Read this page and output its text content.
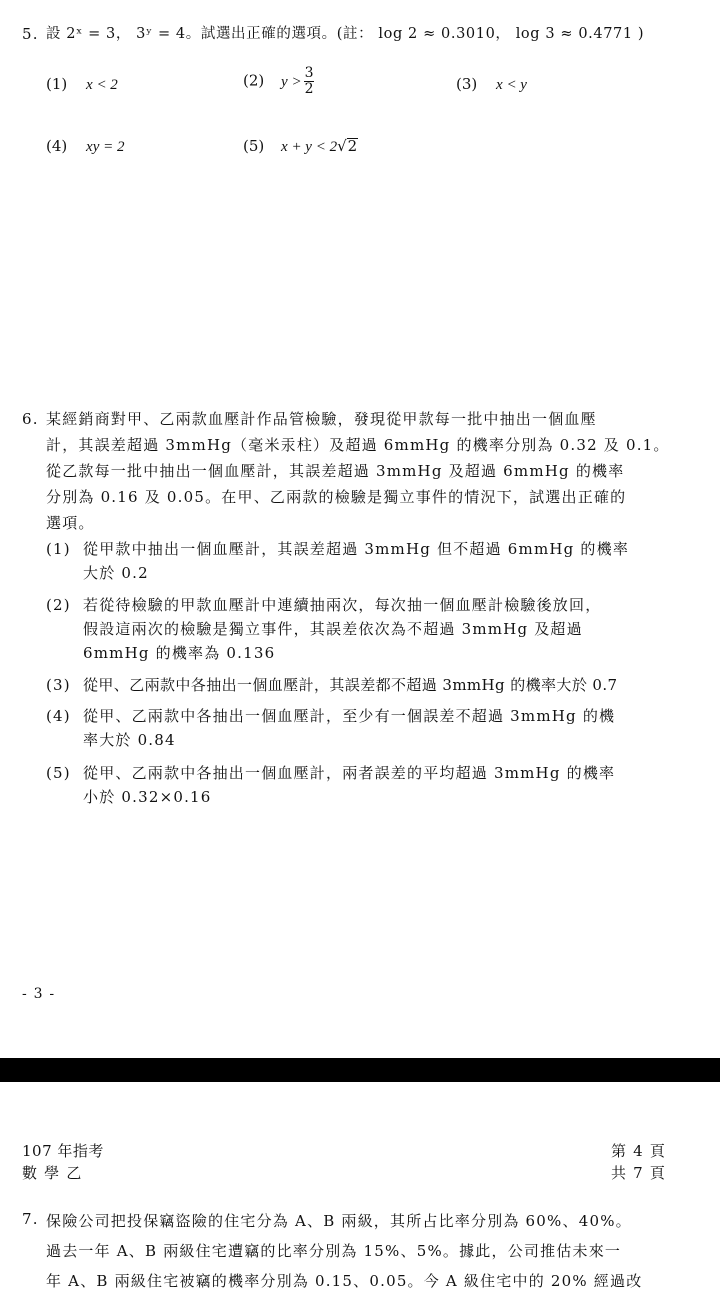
5. 設 2ˣ = 3， 3ʸ = 4。試選出正確的選項。(註： log 2 ≈ 0.3010， log 3 ≈ 0.4771 )
(1) x < 2	(2) $y > \frac{3}{2}$	(3) x < y
(4) xy = 2	(5) x + y < 2√2
6. 某經銷商對甲、乙兩款血壓計作品管檢驗，發現從甲款每一批中抽出一個血壓
計，其誤差超過 3mmHg（毫米汞柱）及超過 6mmHg 的機率分別為 0.32 及 0.1。
從乙款每一批中抽出一個血壓計，其誤差超過 3mmHg 及超過 6mmHg 的機率
分別為 0.16 及 0.05。在甲、乙兩款的檢驗是獨立事件的情況下，試選出正確的
選項。
(1) 從甲款中抽出一個血壓計，其誤差超過 3mmHg 但不超過 6mmHg 的機率
大於 0.2
(2) 若從待檢驗的甲款血壓計中連續抽兩次，每次抽一個血壓計檢驗後放回，
假設這兩次的檢驗是獨立事件，其誤差依次為不超過 3mmHg 及超過
6mmHg 的機率為 0.136
(3) 從甲、乙兩款中各抽出一個血壓計，其誤差都不超過 3mmHg 的機率大於 0.7
(4) 從甲、乙兩款中各抽出一個血壓計，至少有一個誤差不超過 3mmHg 的機
率大於 0.84
(5) 從甲、乙兩款中各抽出一個血壓計，兩者誤差的平均超過 3mmHg 的機率
小於 0.32×0.16
- 3 -
107 年指考
數 學 乙
第 4 頁
共 7 頁
7. 保險公司把投保竊盜險的住宅分為 A、B 兩級，其所占比率分別為 60%、40%。
過去一年 A、B 兩級住宅遭竊的比率分別為 15%、5%。據此，公司推估未來一
年 A、B 兩級住宅被竊的機率分別為 0.15、0.05。今 A 級住宅中的 20% 經過改
